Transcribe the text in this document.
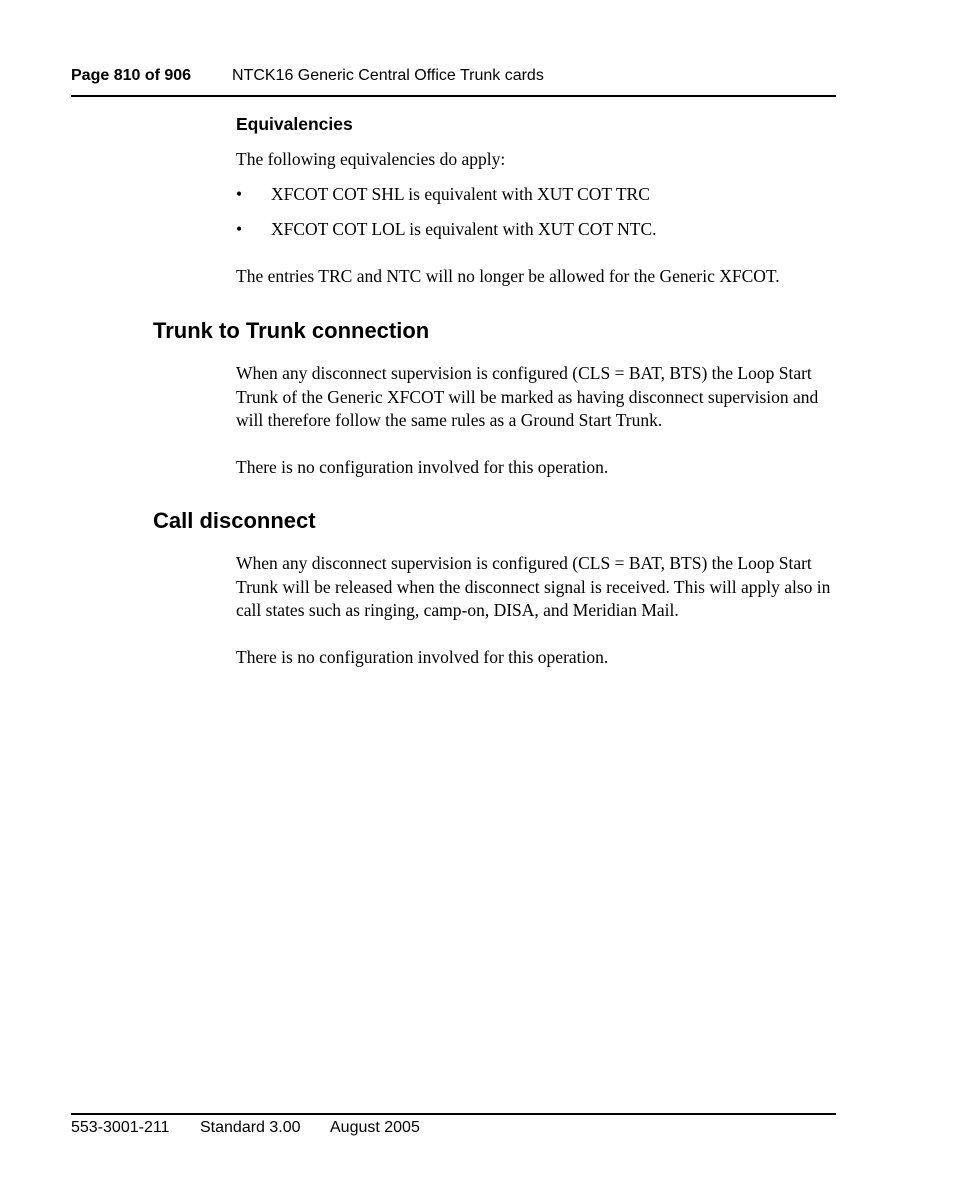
Page 810 of 906	NTCK16 Generic Central Office Trunk cards
Equivalencies
The following equivalencies do apply:
• XFCOT COT SHL is equivalent with XUT COT TRC
• XFCOT COT LOL is equivalent with XUT COT NTC.
The entries TRC and NTC will no longer be allowed for the Generic XFCOT.
Trunk to Trunk connection
When any disconnect supervision is configured (CLS = BAT, BTS) the Loop Start Trunk of the Generic XFCOT will be marked as having disconnect supervision and will therefore follow the same rules as a Ground Start Trunk.
There is no configuration involved for this operation.
Call disconnect
When any disconnect supervision is configured (CLS = BAT, BTS) the Loop Start Trunk will be released when the disconnect signal is received. This will apply also in call states such as ringing, camp-on, DISA, and Meridian Mail.
There is no configuration involved for this operation.
553-3001-211 Standard 3.00 August 2005
